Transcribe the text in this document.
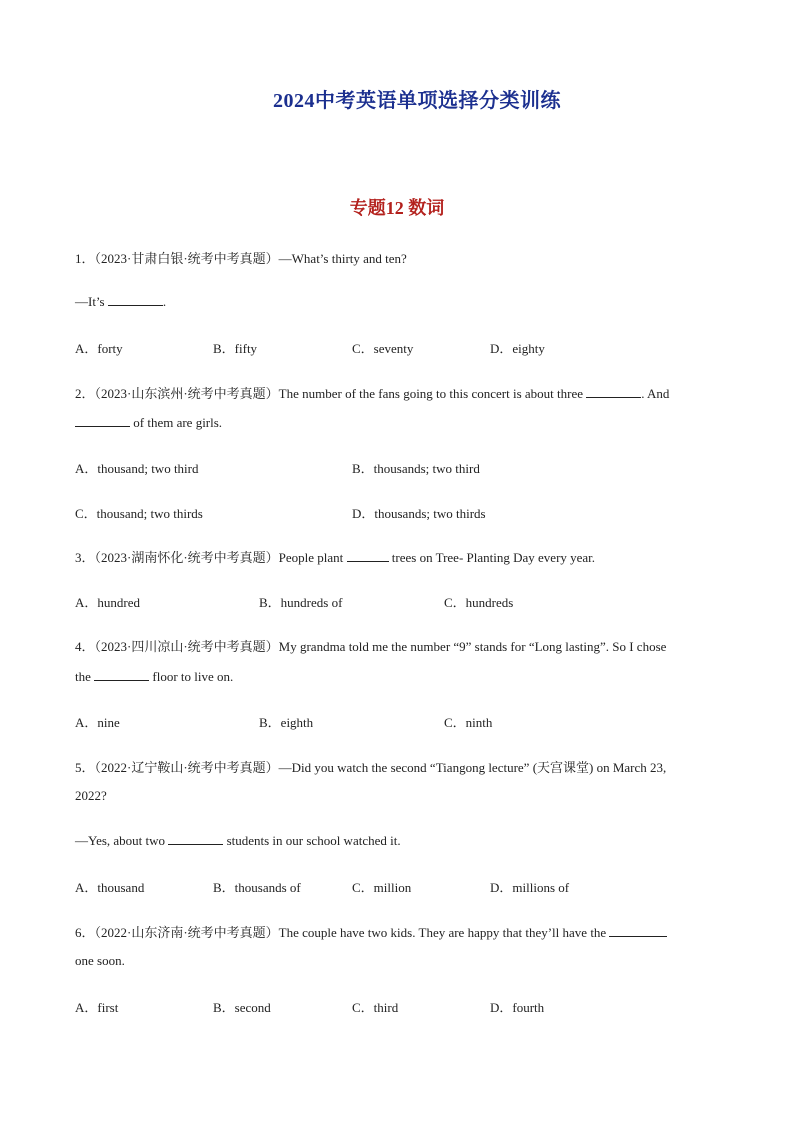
2024中考英语单项选择分类训练
专题12 数词
1．（2023·甘肃白银·统考中考真题）—What’s thirty and ten?
—It’s	.
A．forty	B．fifty	C．seventy	D．eighty
2．（2023·山东滨州·统考中考真题）The number of the fans going to this concert is about three	. And
of them are girls.
A．thousand; two third	B．thousands; two third
C．thousand; two thirds	D．thousands; two thirds
3．（2023·湖南怀化·统考中考真题）People plant	trees on Tree- Planting Day every year.
A．hundred	B．hundreds of	C．hundreds
4．（2023·四川凉山·统考中考真题）My grandma told me the number “9” stands for “Long lasting”. So I chose
the	floor to live on.
A．nine	B．eighth	C．ninth
5．（2022·辽宁鞍山·统考中考真题）—Did you watch the second “Tiangong lecture” (天宫课堂) on March 23,
2022?
—Yes, about two	students in our school watched it.
A．thousand	B．thousands of	C．million	D．millions of
6．（2022·山东济南·统考中考真题）The couple have two kids. They are happy that they’ll have the
one soon.
A．first	B．second	C．third	D．fourth
